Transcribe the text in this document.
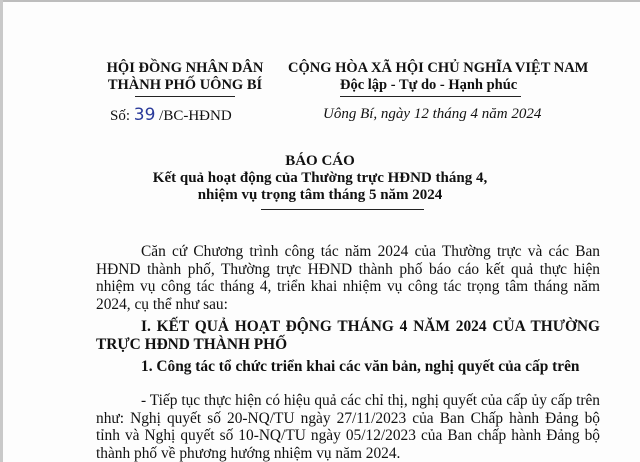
HỘI ĐỒNG NHÂN DÂN
THÀNH PHỐ UÔNG BÍ
Số: 39 /BC-HĐND
CỘNG HÒA XÃ HỘI CHỦ NGHĨA VIỆT NAM
Độc lập - Tự do - Hạnh phúc
Uông Bí, ngày 12 tháng 4 năm 2024
BÁO CÁO
Kết quả hoạt động của Thường trực HĐND tháng 4,
nhiệm vụ trọng tâm tháng 5 năm 2024
Căn cứ Chương trình công tác năm 2024 của Thường trực và các Ban HĐND thành phố, Thường trực HĐND thành phố báo cáo kết quả thực hiện nhiệm vụ công tác tháng 4, triển khai nhiệm vụ công tác trọng tâm tháng năm 2024, cụ thể như sau:
I. KẾT QUẢ HOẠT ĐỘNG THÁNG 4 NĂM 2024 CỦA THƯỜNG TRỰC HĐND THÀNH PHỐ
1. Công tác tổ chức triển khai các văn bản, nghị quyết của cấp trên
- Tiếp tục thực hiện có hiệu quả các chỉ thị, nghị quyết của cấp ủy cấp trên như: Nghị quyết số 20-NQ/TU ngày 27/11/2023 của Ban Chấp hành Đảng bộ tỉnh và Nghị quyết số 10-NQ/TU ngày 05/12/2023 của Ban chấp hành Đảng bộ thành phố về phương hướng nhiệm vụ năm 2024.
